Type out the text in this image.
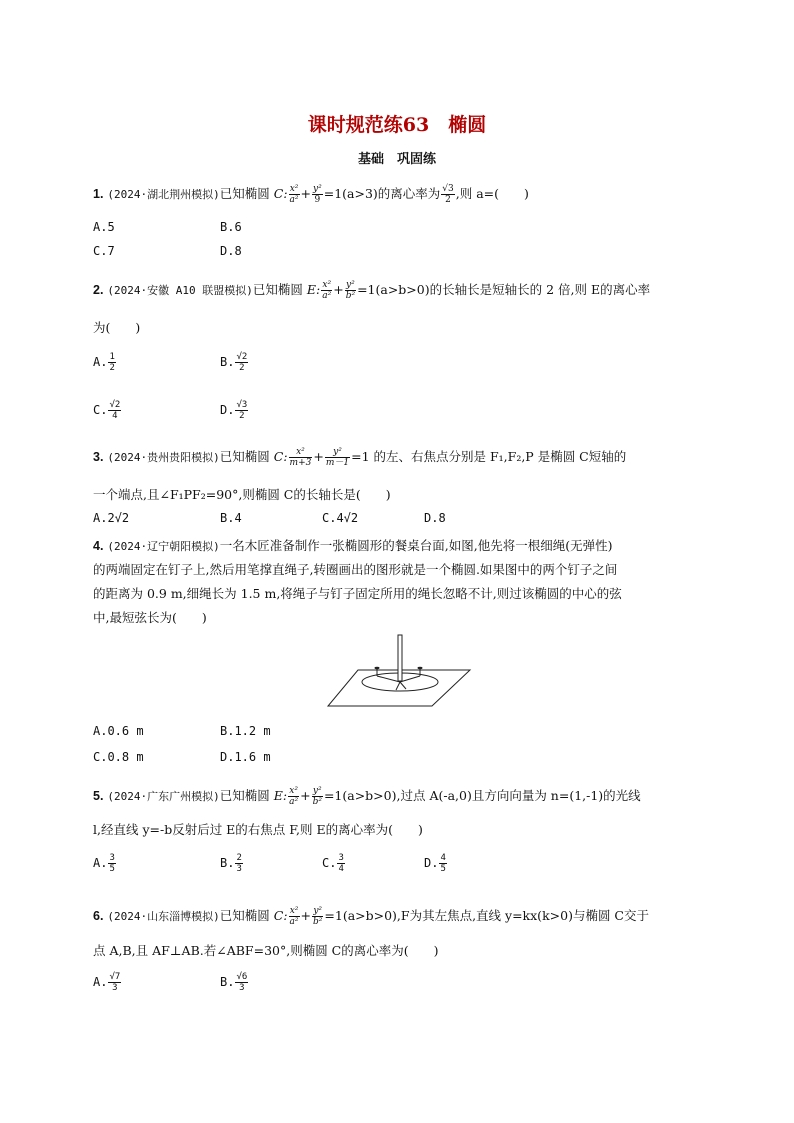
课时规范练63　椭圆
基础　巩固练
1. (2024·湖北荆州模拟)已知椭圆 C: $\frac{\text{x²}}{\text{a²}} + \frac{\text{y²}}{9} =1(a>3)$的离心率为 $\frac{√3}{2}$ ,则 a=(　　)
A.5	B.6
C.7	D.8
2. (2024·安徽 A10 联盟模拟)已知椭圆 E: $\frac{\text{x²}}{\text{a²}} + \frac{\text{y²}}{\text{b²}} =1(a>b>0)$的长轴长是短轴长的 2 倍,则 E的离心率
为(　　)
A. $\frac{1}{2}$	B. $\frac{√2}{2}$
C. $\frac{√2}{4}$	D. $\frac{√3}{2}$
3. (2024·贵州贵阳模拟)已知椭圆 C: $\frac{\text{x²}}{m+3} + \frac{\text{y²}}{m-1} =1$ 的左、右焦点分别是 F₁,F₂,P 是椭圆 C短轴的
一个端点,且∠F₁PF₂=90°,则椭圆 C的长轴长是(　　)
A.2√2	B.4	C.4√2	D.8
4. (2024·辽宁朝阳模拟)一名木匠准备制作一张椭圆形的餐桌台面,如图,他先将一根细绳(无弹性)
的两端固定在钉子上,然后用笔撑直绳子,转圈画出的图形就是一个椭圆.如果图中的两个钉子之间
的距离为 0.9 m,细绳长为 1.5 m,将绳子与钉子固定所用的绳长忽略不计,则过该椭圆的中心的弦
中,最短弦长为(　　)
A.0.6 m	B.1.2 m
C.0.8 m	D.1.6 m
5. (2024·广东广州模拟)已知椭圆 E: $\frac{\text{x²}}{\text{a²}} + \frac{\text{y²}}{\text{b²}} =1(a>b>0)$,过点 A(-a,0)且方向向量为 n=(1,-1)的光线
l,经直线 y=-b反射后过 E的右焦点 F,则 E的离心率为(　　)
A. $\frac{3}{5}$	B. $\frac{2}{3}$	C. $\frac{3}{4}$	D. $\frac{4}{5}$
6. (2024·山东淄博模拟)已知椭圆 C: $\frac{\text{x²}}{\text{a²}} + \frac{\text{y²}}{\text{b²}} =1(a>b>0),F$为其左焦点,直线 y=kx(k>0)与椭圆 C交于
点 A,B,且 AF⊥AB.若∠ABF=30°,则椭圆 C的离心率为(　　)
A. $\frac{√7}{3}$	B. $\frac{√6}{3}$
